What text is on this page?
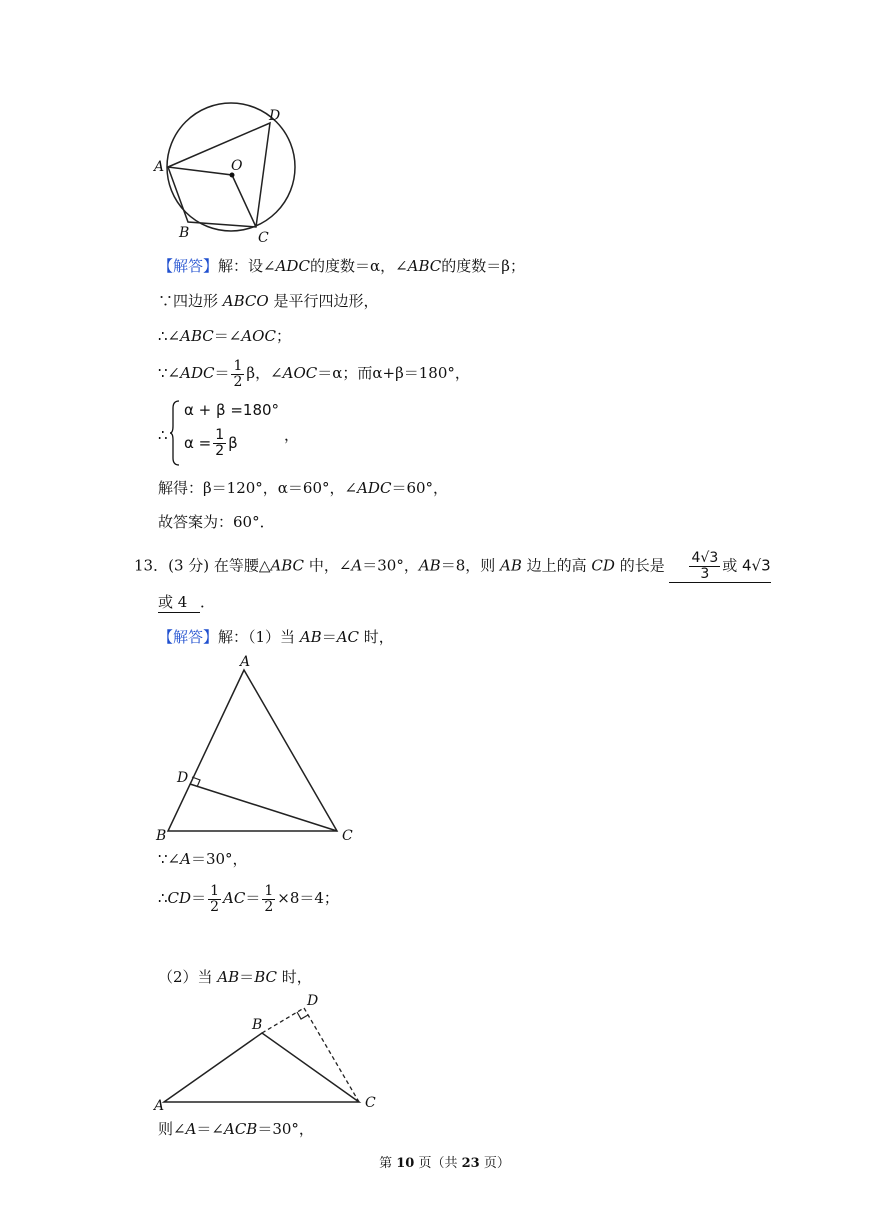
A
D
O
B	C
【解答】解：设∠ADC的度数＝α，∠ABC的度数＝β；
∵四边形 ABCO 是平行四边形，
∴∠ABC＝∠AOC；
∵∠ADC＝ $\frac{1}{2}$ β，∠AOC＝α；而α+β＝180°，
∴
α + β =180°
$\alpha = \frac{1}{2}$ β	，
解得：β＝120°，α＝60°，∠ADC＝60°，
故答案为：60°．
13．(3 分) 在等腰△ABC 中，∠A＝30°，AB＝8，则 AB 边上的高 CD 的长是 $\frac{4√3}{3}$ 或 4√3
或 4 ．
【解答】解：（1）当 AB＝AC 时，
A
D
B	C
∵∠A＝30°，
∴CD＝ $\frac{1}{2} AC= \frac{1}{2} \times 8=4$；
（2）当 AB＝BC 时，
B
D
A	C
则∠A＝∠ACB＝30°，
第 10 页（共 23 页）
